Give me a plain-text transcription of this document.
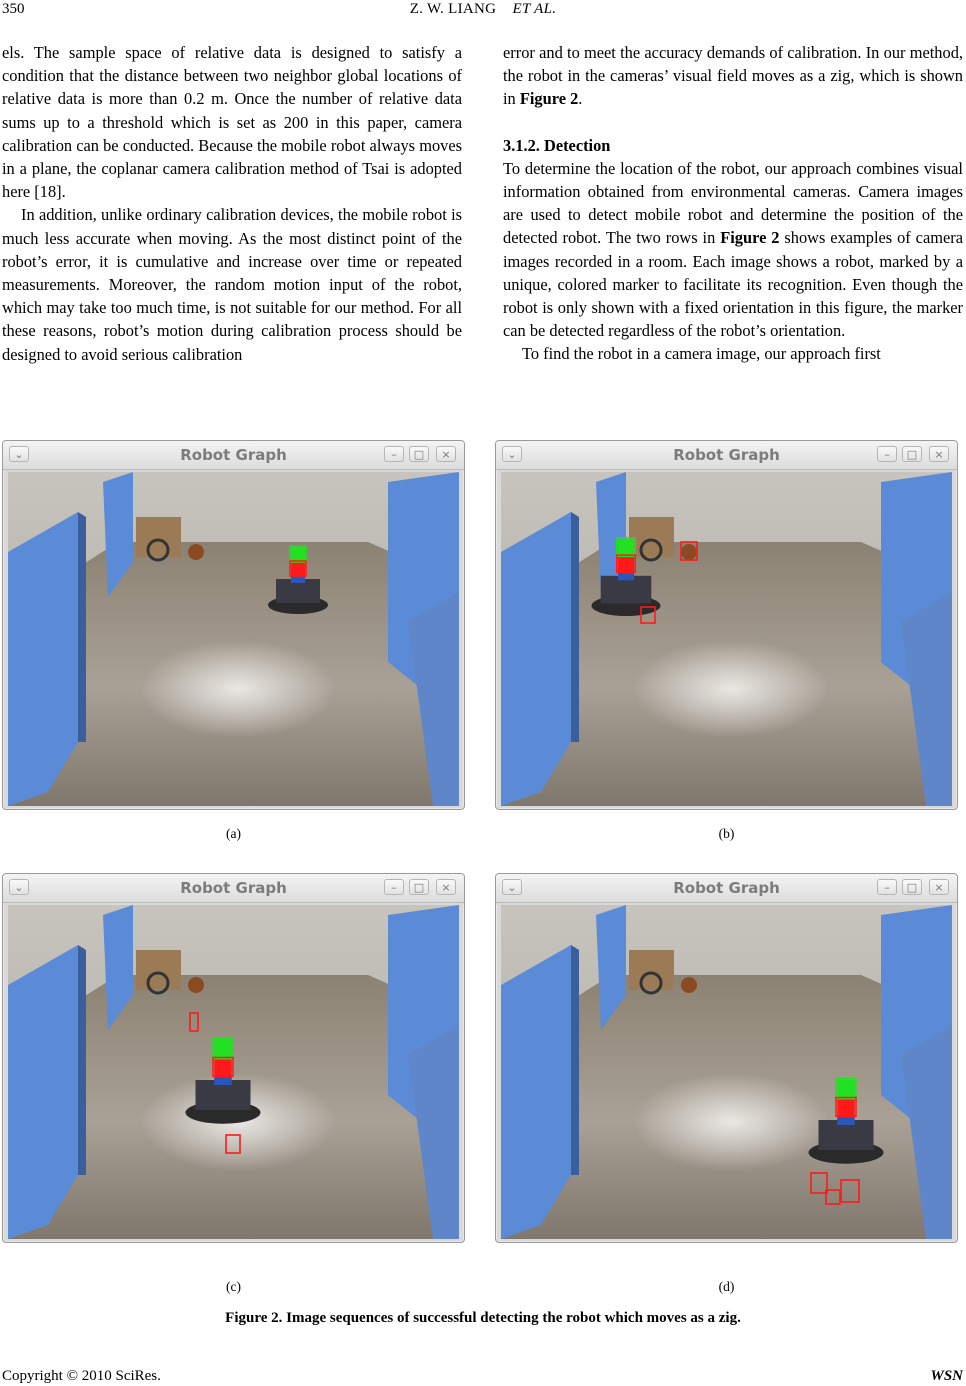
350	Z. W. LIANG ET AL.

els. The sample space of relative data is designed to satisfy a condition that the distance between two neighbor global locations of relative data is more than 0.2 m. Once the number of relative data sums up to a threshold which is set as 200 in this paper, camera calibration can be conducted. Because the mobile robot always moves in a plane, the coplanar camera calibration method of Tsai is adopted here [18].

In addition, unlike ordinary calibration devices, the mobile robot is much less accurate when moving. As the most distinct point of the robot’s error, it is cumulative and increase over time or repeated measurements. Moreover, the random motion input of the robot, which may take too much time, is not suitable for our method. For all these reasons, robot’s motion during calibration process should be designed to avoid serious calibration

error and to meet the accuracy demands of calibration. In our method, the robot in the cameras’ visual field moves as a zig, which is shown in Figure 2.

3.1.2. Detection

To determine the location of the robot, our approach combines visual information obtained from environmental cameras. Camera images are used to detect mobile robot and determine the position of the detected robot. The two rows in Figure 2 shows examples of camera images recorded in a room. Each image shows a robot, marked by a unique, colored marker to facilitate its recognition. Even though the robot is only shown with a fixed orientation in this figure, the marker can be detected regardless of the robot’s orientation.

To find the robot in a camera image, our approach first

⌄	Robot Graph	–	□	×	⌄	Robot Graph	–	□	×
⌄	Robot Graph	–	□	×	⌄	Robot Graph	–	□	×
(a)	(b)
(c)	(d)
Figure 2. Image sequences of successful detecting the robot which moves as a zig.
Copyright © 2010 SciRes.	WSN
